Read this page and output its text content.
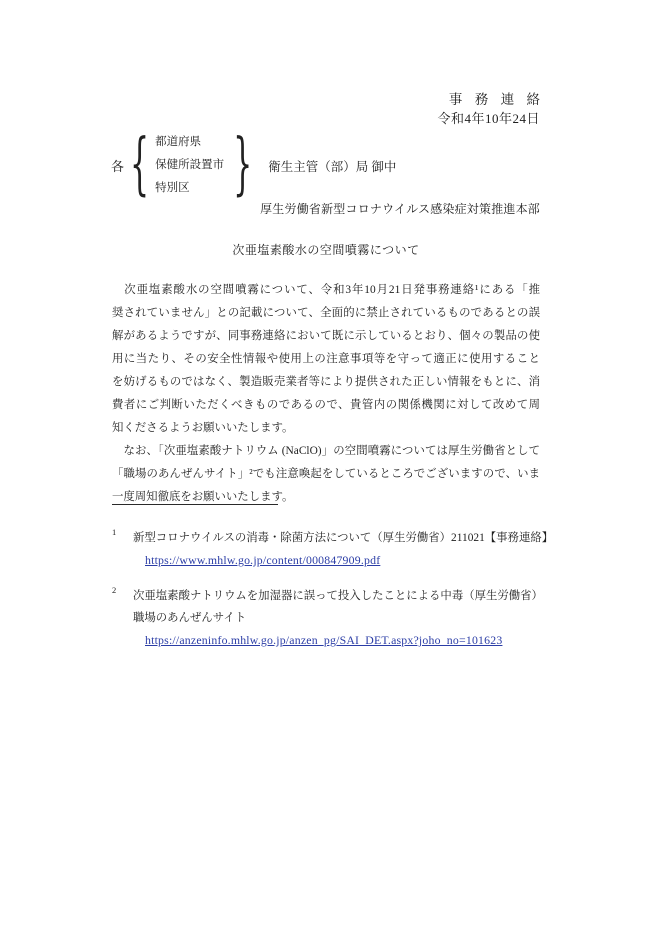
事 務 連 絡
令和4年10年24日
各 { 都道府県 保健所設置市 特別区	} 衛生主管（部）局 御中
厚生労働省新型コロナウイルス感染症対策推進本部
次亜塩素酸水の空間噴霧について
　次亜塩素酸水の空間噴霧について、令和3年10月21日発事務連絡¹にある「推
奨されていません」との記載について、全面的に禁止されているものであるとの誤
解があるようですが、同事務連絡において既に示しているとおり、個々の製品の使
用に当たり、その安全性情報や使用上の注意事項等を守って適正に使用すること
を妨げるものではなく、製造販売業者等により提供された正しい情報をもとに、消
費者にご判断いただくべきものであるので、貴管内の関係機関に対して改めて周
知くださるようお願いいたします。
　なお、「次亜塩素酸ナトリウム (NaClO)」の空間噴霧については厚生労働省として
「職場のあんぜんサイト」²でも注意喚起をしているところでございますので、いま
一度周知徹底をお願いいたします。
1 新型コロナウイルスの消毒・除菌方法について（厚生労働省）211021【事務連絡】
https://www.mhlw.go.jp/content/000847909.pdf
2 次亜塩素酸ナトリウムを加湿器に誤って投入したことによる中毒（厚生労働省）
職場のあんぜんサイト
https://anzeninfo.mhlw.go.jp/anzen_pg/SAI_DET.aspx?joho_no=101623
